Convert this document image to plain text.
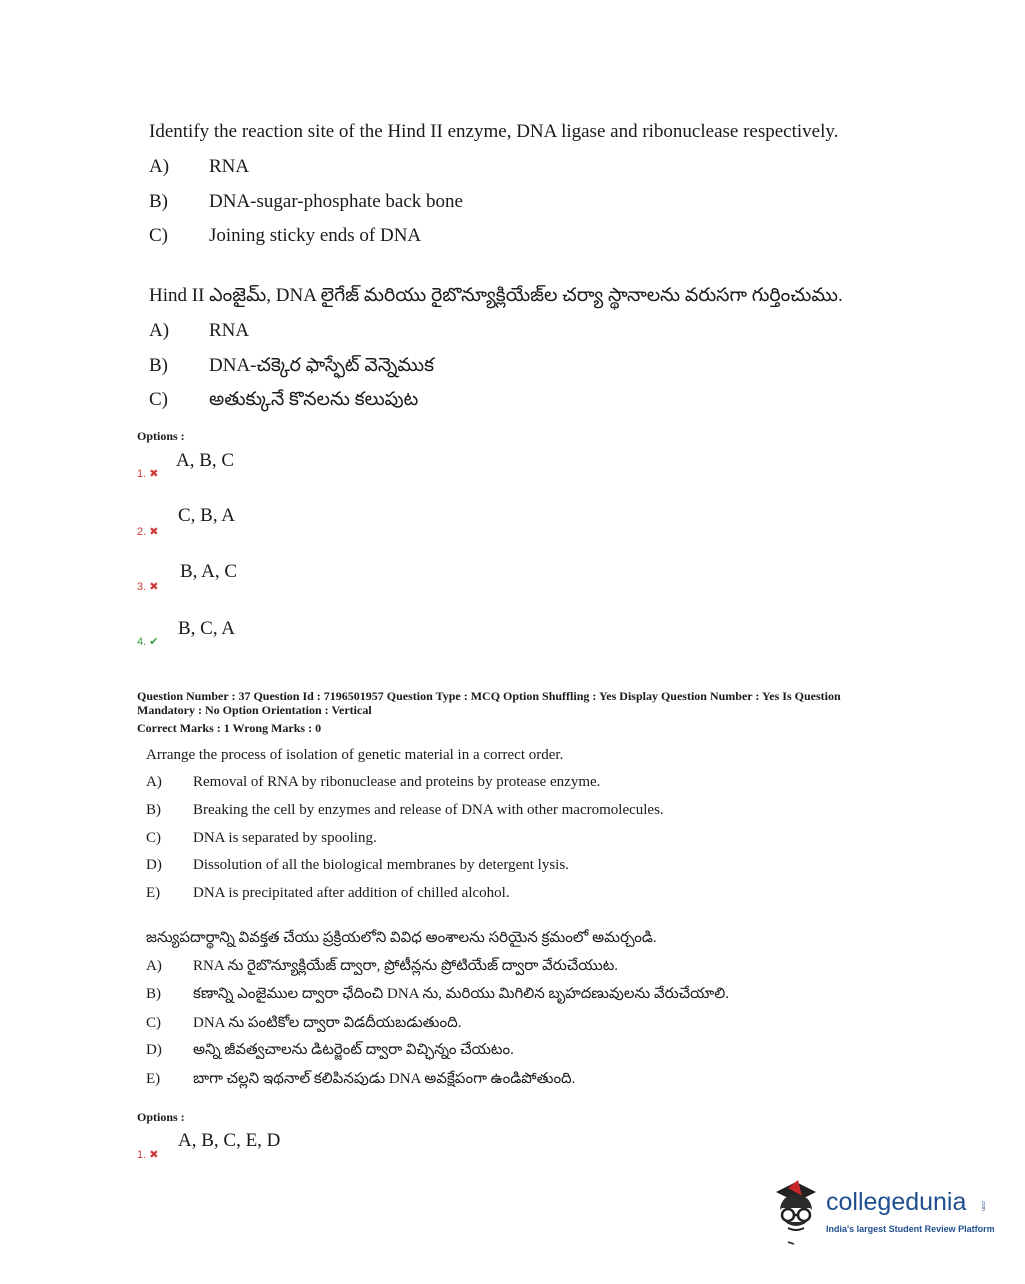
Identify the reaction site of the Hind II enzyme, DNA ligase and ribonuclease respectively.
A) RNA
B) DNA-sugar-phosphate back bone
C) Joining sticky ends of DNA
Hind II ఎంజైమ్, DNA లైగేజ్ మరియు రైబొన్యూక్లియేజ్‌ల చర్యా స్థానాలను వరుసగా గుర్తించుము.
A) RNA
B) DNA-చక్కెర ఫాస్ఫేట్ వెన్నెముక
C) అతుక్కునే కొనలను కలుపుట
Options :
A, B, C
1. ✖
C, B, A
2. ✖
B, A, C
3. ✖
B, C, A
4. ✔
Question Number : 37 Question Id : 7196501957 Question Type : MCQ Option Shuffling : Yes Display Question Number : Yes Is Question Mandatory : No Option Orientation : Vertical
Correct Marks : 1 Wrong Marks : 0
Arrange the process of isolation of genetic material in a correct order.
A) Removal of RNA by ribonuclease and proteins by protease enzyme.
B) Breaking the cell by enzymes and release of DNA with other macromolecules.
C) DNA is separated by spooling.
D) Dissolution of all the biological membranes by detergent lysis.
E) DNA is precipitated after addition of chilled alcohol.
జన్యుపదార్థాన్ని వివక్తత చేయు ప్రక్రియలోని వివిధ అంశాలను సరియైన క్రమంలో అమర్చండి.
A) RNA ను రైబొన్యూక్లియేజ్ ద్వారా, ప్రోటీన్లను ప్రోటియేజ్ ద్వారా వేరుచేయుట.
B) కణాన్ని ఎంజైముల ద్వారా ఛేదించి DNA ను, మరియు మిగిలిన బృహదణువులను వేరుచేయాలి.
C) DNA ను పంటికోల ద్వారా విడదీయబడుతుంది.
D) అన్ని జీవత్వచాలను డిటర్జెంట్ ద్వారా విచ్ఛిన్నం చేయటం.
E) బాగా చల్లని ఇథనాల్ కలిపినపుడు DNA అవక్షేపంగా ఉండిపోతుంది.
Options :
A, B, C, E, D
1. ✖
collegedunia	.com
India's largest Student Review Platform
